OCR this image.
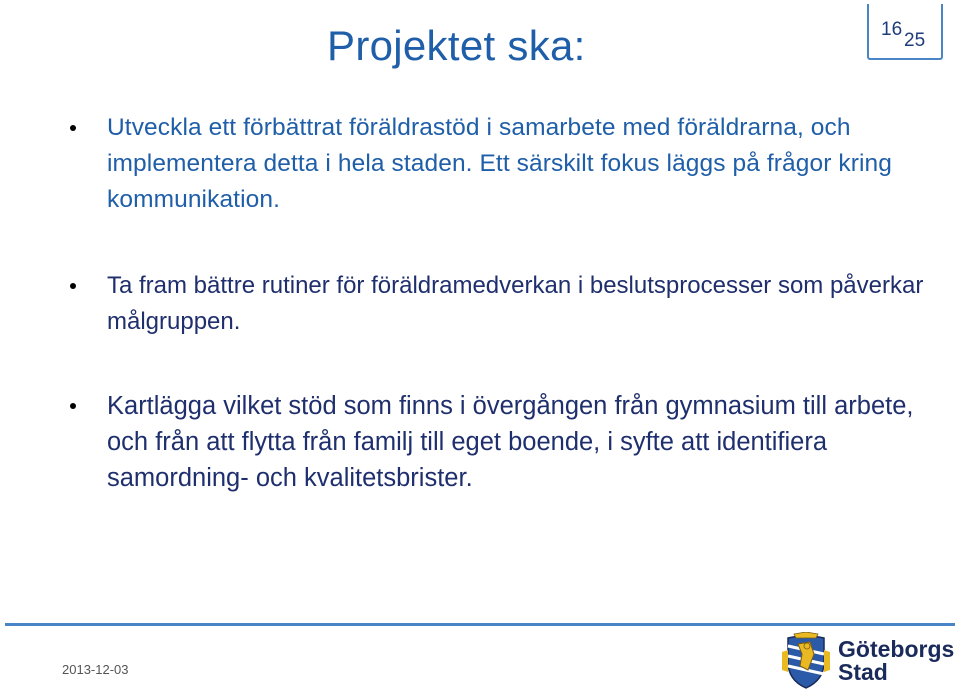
Projektet ska:	16
25
Utveckla ett förbättrat föräldrastöd i samarbete med föräldrarna, och implementera detta i hela staden. Ett särskilt fokus läggs på frågor kring kommunikation.
Ta fram bättre rutiner för föräldramedverkan i beslutsprocesser som påverkar målgruppen.
Kartlägga vilket stöd som finns i övergången från gymnasium till arbete, och från att flytta från familj till eget boende, i syfte att identifiera samordning- och kvalitetsbrister.
2013-12-03
Göteborgs
Stad
